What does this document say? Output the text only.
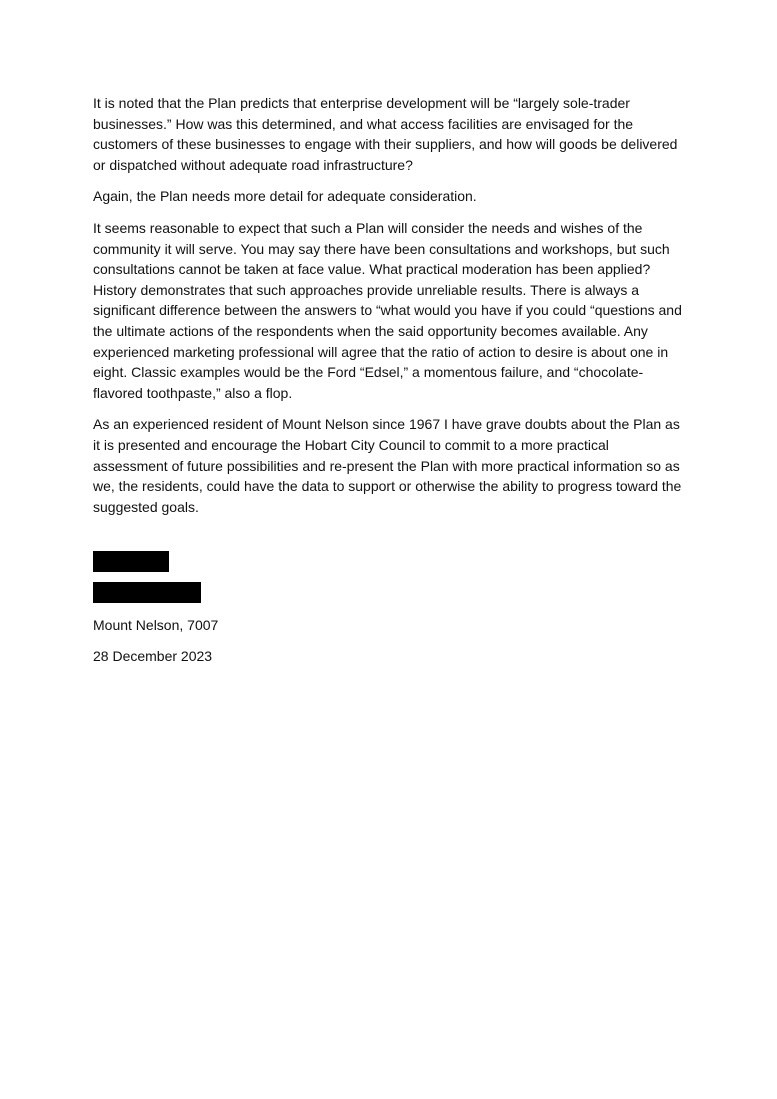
It is noted that the Plan predicts that enterprise development will be “largely sole-trader businesses.” How was this determined, and what access facilities are envisaged for the customers of these businesses to engage with their suppliers, and how will goods be delivered or dispatched without adequate road infrastructure?

Again, the Plan needs more detail for adequate consideration.

It seems reasonable to expect that such a Plan will consider the needs and wishes of the community it will serve. You may say there have been consultations and workshops, but such consultations cannot be taken at face value. What practical moderation has been applied? History demonstrates that such approaches provide unreliable results. There is always a significant difference between the answers to “what would you have if you could “questions and the ultimate actions of the respondents when the said opportunity becomes available. Any experienced marketing professional will agree that the ratio of action to desire is about one in eight. Classic examples would be the Ford “Edsel,” a momentous failure, and “chocolate-flavored toothpaste,” also a flop.

As an experienced resident of Mount Nelson since 1967 I have grave doubts about the Plan as it is presented and encourage the Hobart City Council to commit to a more practical assessment of future possibilities and re-present the Plan with more practical information so as we, the residents, could have the data to support or otherwise the ability to progress toward the suggested goals.

Mount Nelson, 7007

28 December 2023
